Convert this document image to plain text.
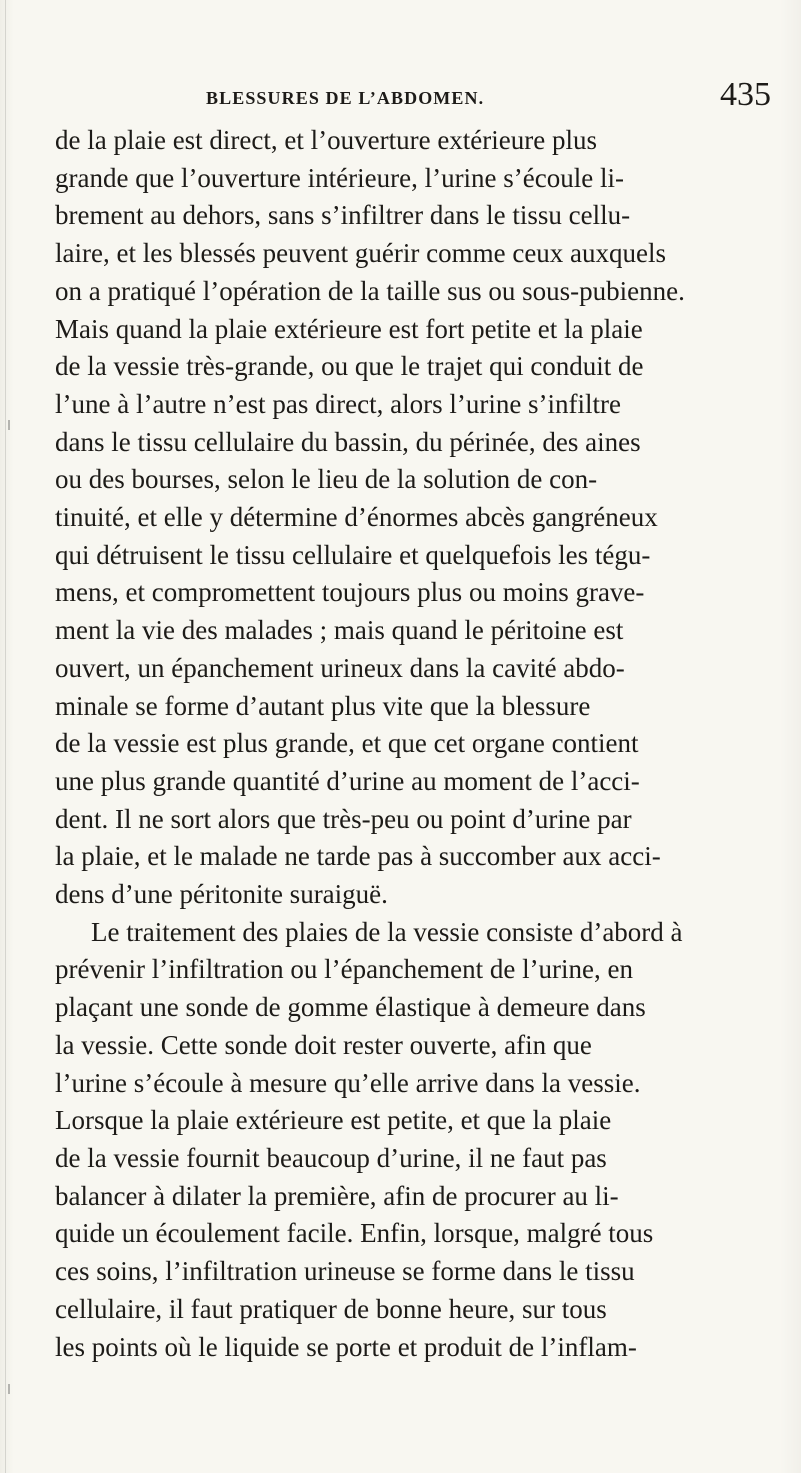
BLESSURES DE L’ABDOMEN.	435
de la plaie est direct, et l’ouverture extérieure plus
grande que l’ouverture intérieure, l’urine s’écoule li-
brement au dehors, sans s’infiltrer dans le tissu cellu-
laire, et les blessés peuvent guérir comme ceux auxquels
on a pratiqué l’opération de la taille sus ou sous-pubienne.
Mais quand la plaie extérieure est fort petite et la plaie
de la vessie très-grande, ou que le trajet qui conduit de
l’une à l’autre n’est pas direct, alors l’urine s’infiltre
dans le tissu cellulaire du bassin, du périnée, des aines
ou des bourses, selon le lieu de la solution de con-
tinuité, et elle y détermine d’énormes abcès gangréneux
qui détruisent le tissu cellulaire et quelquefois les tégu-
mens, et compromettent toujours plus ou moins grave-
ment la vie des malades ; mais quand le péritoine est
ouvert, un épanchement urineux dans la cavité abdo-
minale se forme d’autant plus vite que la blessure
de la vessie est plus grande, et que cet organe contient
une plus grande quantité d’urine au moment de l’acci-
dent. Il ne sort alors que très-peu ou point d’urine par
la plaie, et le malade ne tarde pas à succomber aux acci-
dens d’une péritonite suraiguë.
Le traitement des plaies de la vessie consiste d’abord à
prévenir l’infiltration ou l’épanchement de l’urine, en
plaçant une sonde de gomme élastique à demeure dans
la vessie. Cette sonde doit rester ouverte, afin que
l’urine s’écoule à mesure qu’elle arrive dans la vessie.
Lorsque la plaie extérieure est petite, et que la plaie
de la vessie fournit beaucoup d’urine, il ne faut pas
balancer à dilater la première, afin de procurer au li-
quide un écoulement facile. Enfin, lorsque, malgré tous
ces soins, l’infiltration urineuse se forme dans le tissu
cellulaire, il faut pratiquer de bonne heure, sur tous
les points où le liquide se porte et produit de l’inflam-
